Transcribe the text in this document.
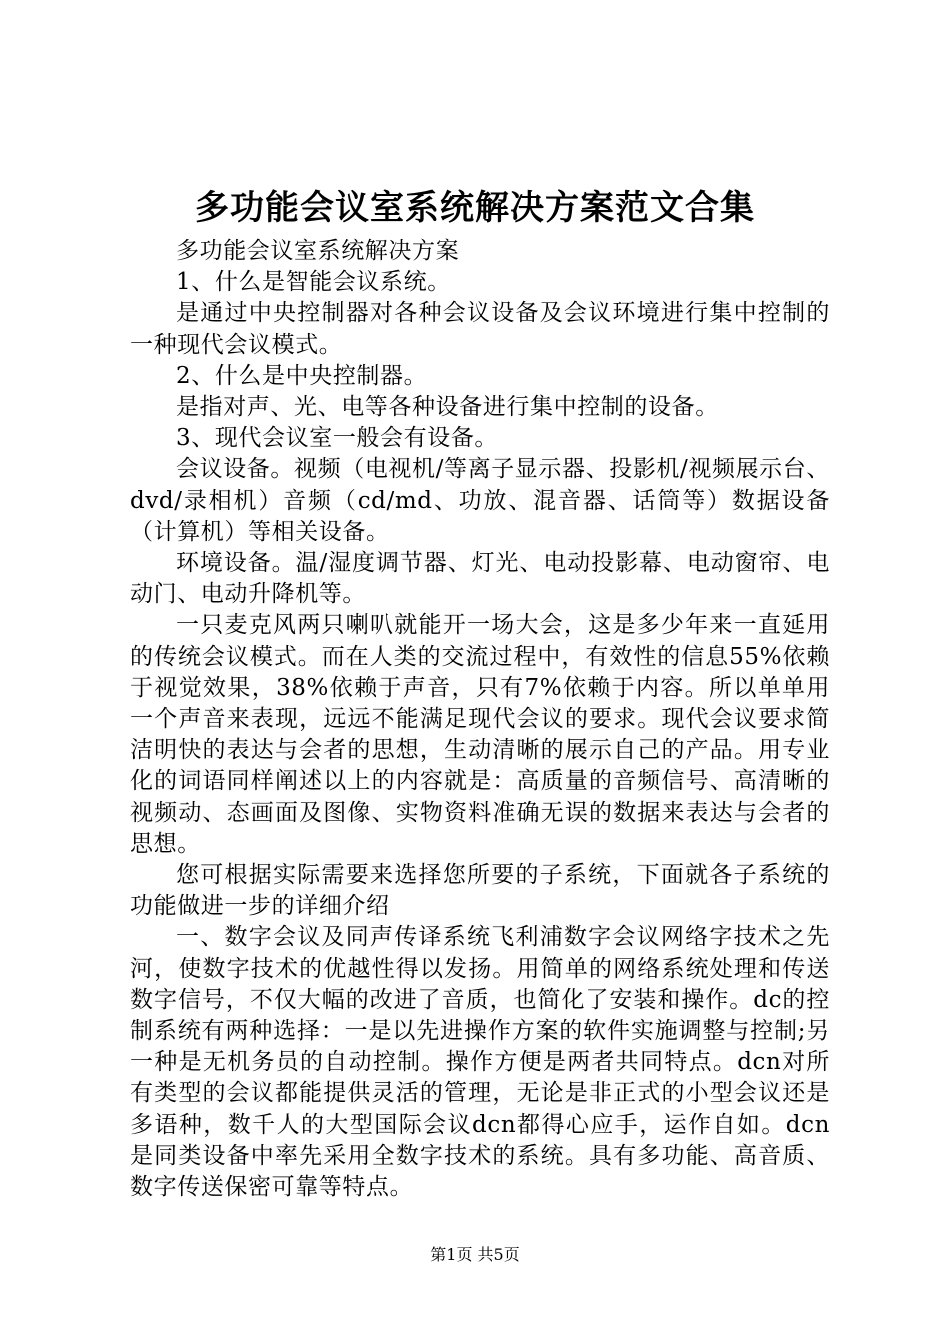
多功能会议室系统解决方案范文合集

多功能会议室系统解决方案

1、什么是智能会议系统。

是通过中央控制器对各种会议设备及会议环境进行集中控制的一种现代会议模式。

2、什么是中央控制器。

是指对声、光、电等各种设备进行集中控制的设备。

3、现代会议室一般会有设备。

会议设备。视频（电视机/等离子显示器、投影机/视频展示台、dvd/录相机）音频（cd/md、功放、混音器、话筒等）数据设备（计算机）等相关设备。

环境设备。温/湿度调节器、灯光、电动投影幕、电动窗帘、电动门、电动升降机等。

一只麦克风两只喇叭就能开一场大会，这是多少年来一直延用的传统会议模式。而在人类的交流过程中，有效性的信息55%依赖于视觉效果，38%依赖于声音，只有7%依赖于内容。所以单单用一个声音来表现，远远不能满足现代会议的要求。现代会议要求简洁明快的表达与会者的思想，生动清晰的展示自己的产品。用专业化的词语同样阐述以上的内容就是：高质量的音频信号、高清晰的视频动、态画面及图像、实物资料准确无误的数据来表达与会者的思想。

您可根据实际需要来选择您所要的子系统，下面就各子系统的功能做进一步的详细介绍

一、数字会议及同声传译系统飞利浦数字会议网络字技术之先河，使数字技术的优越性得以发扬。用简单的网络系统处理和传送数字信号，不仅大幅的改进了音质，也简化了安装和操作。dc的控制系统有两种选择：一是以先进操作方案的软件实施调整与控制;另一种是无机务员的自动控制。操作方便是两者共同特点。dcn对所有类型的会议都能提供灵活的管理，无论是非正式的小型会议还是多语种，数千人的大型国际会议dcn都得心应手，运作自如。dcn是同类设备中率先采用全数字技术的系统。具有多功能、高音质、数字传送保密可靠等特点。

第1页 共5页
